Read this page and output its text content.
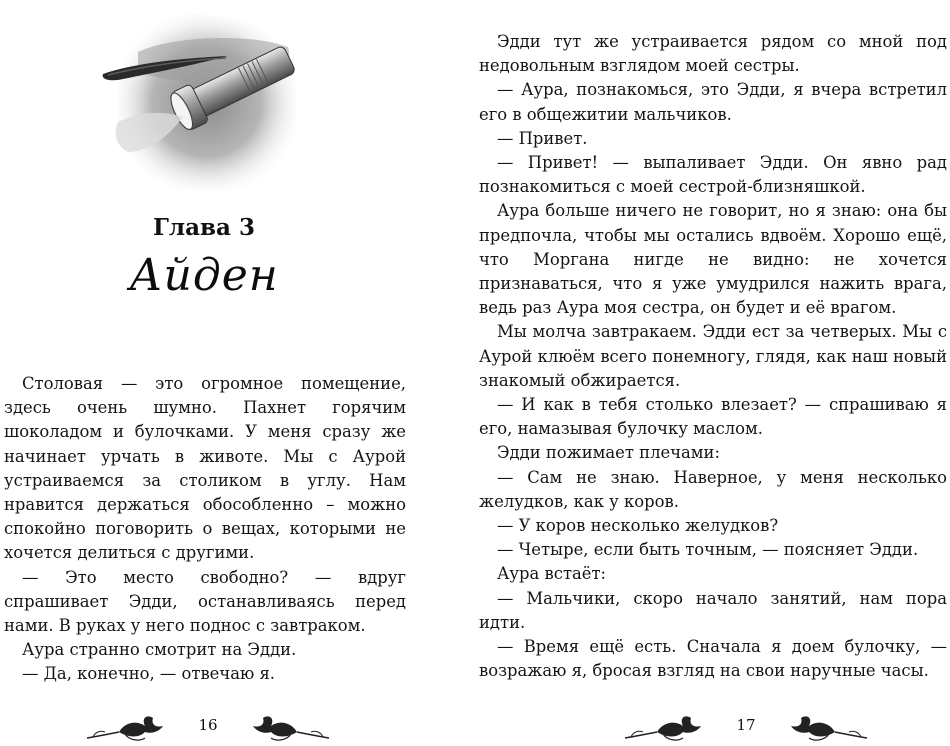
Глава 3
Айден

Столовая — это огромное помещение, здесь очень шумно. Пахнет горячим шоколадом и булочками. У меня сразу же начинает урчать в животе. Мы с Аурой устраиваемся за столиком в углу. Нам нравится держаться обособленно – можно спокойно поговорить о вещах, которыми не хочется делиться с другими.

— Это место свободно? — вдруг спрашивает Эдди, останавливаясь перед нами. В руках у него поднос с завтраком.

Аура странно смотрит на Эдди.

— Да, конечно, — отвечаю я.

16

Эдди тут же устраивается рядом со мной под недовольным взглядом моей сестры.

— Аура, познакомься, это Эдди, я вчера встретил его в общежитии мальчиков.

— Привет.

— Привет! — выпаливает Эдди. Он явно рад познакомиться с моей сестрой-близняшкой.

Аура больше ничего не говорит, но я знаю: она бы предпочла, чтобы мы остались вдвоём. Хорошо ещё, что Морганa нигде не видно: не хочется признаваться, что я уже умудрился нажить врага, ведь раз Аура моя сестра, он будет и её врагом.

Мы молча завтракаем. Эдди ест за четверых. Мы с Аурой клюём всего понемногу, глядя, как наш новый знакомый обжирается.

— И как в тебя столько влезает? — спрашиваю я его, намазывая булочку маслом.

Эдди пожимает плечами:

— Сам не знаю. Наверное, у меня несколько желудков, как у коров.

— У коров несколько желудков?

— Четыре, если быть точным, — поясняет Эдди.

Аура встаёт:

— Мальчики, скоро начало занятий, нам пора идти.

— Время ещё есть. Сначала я доем булочку, — возражаю я, бросая взгляд на свои наручные часы.

17
